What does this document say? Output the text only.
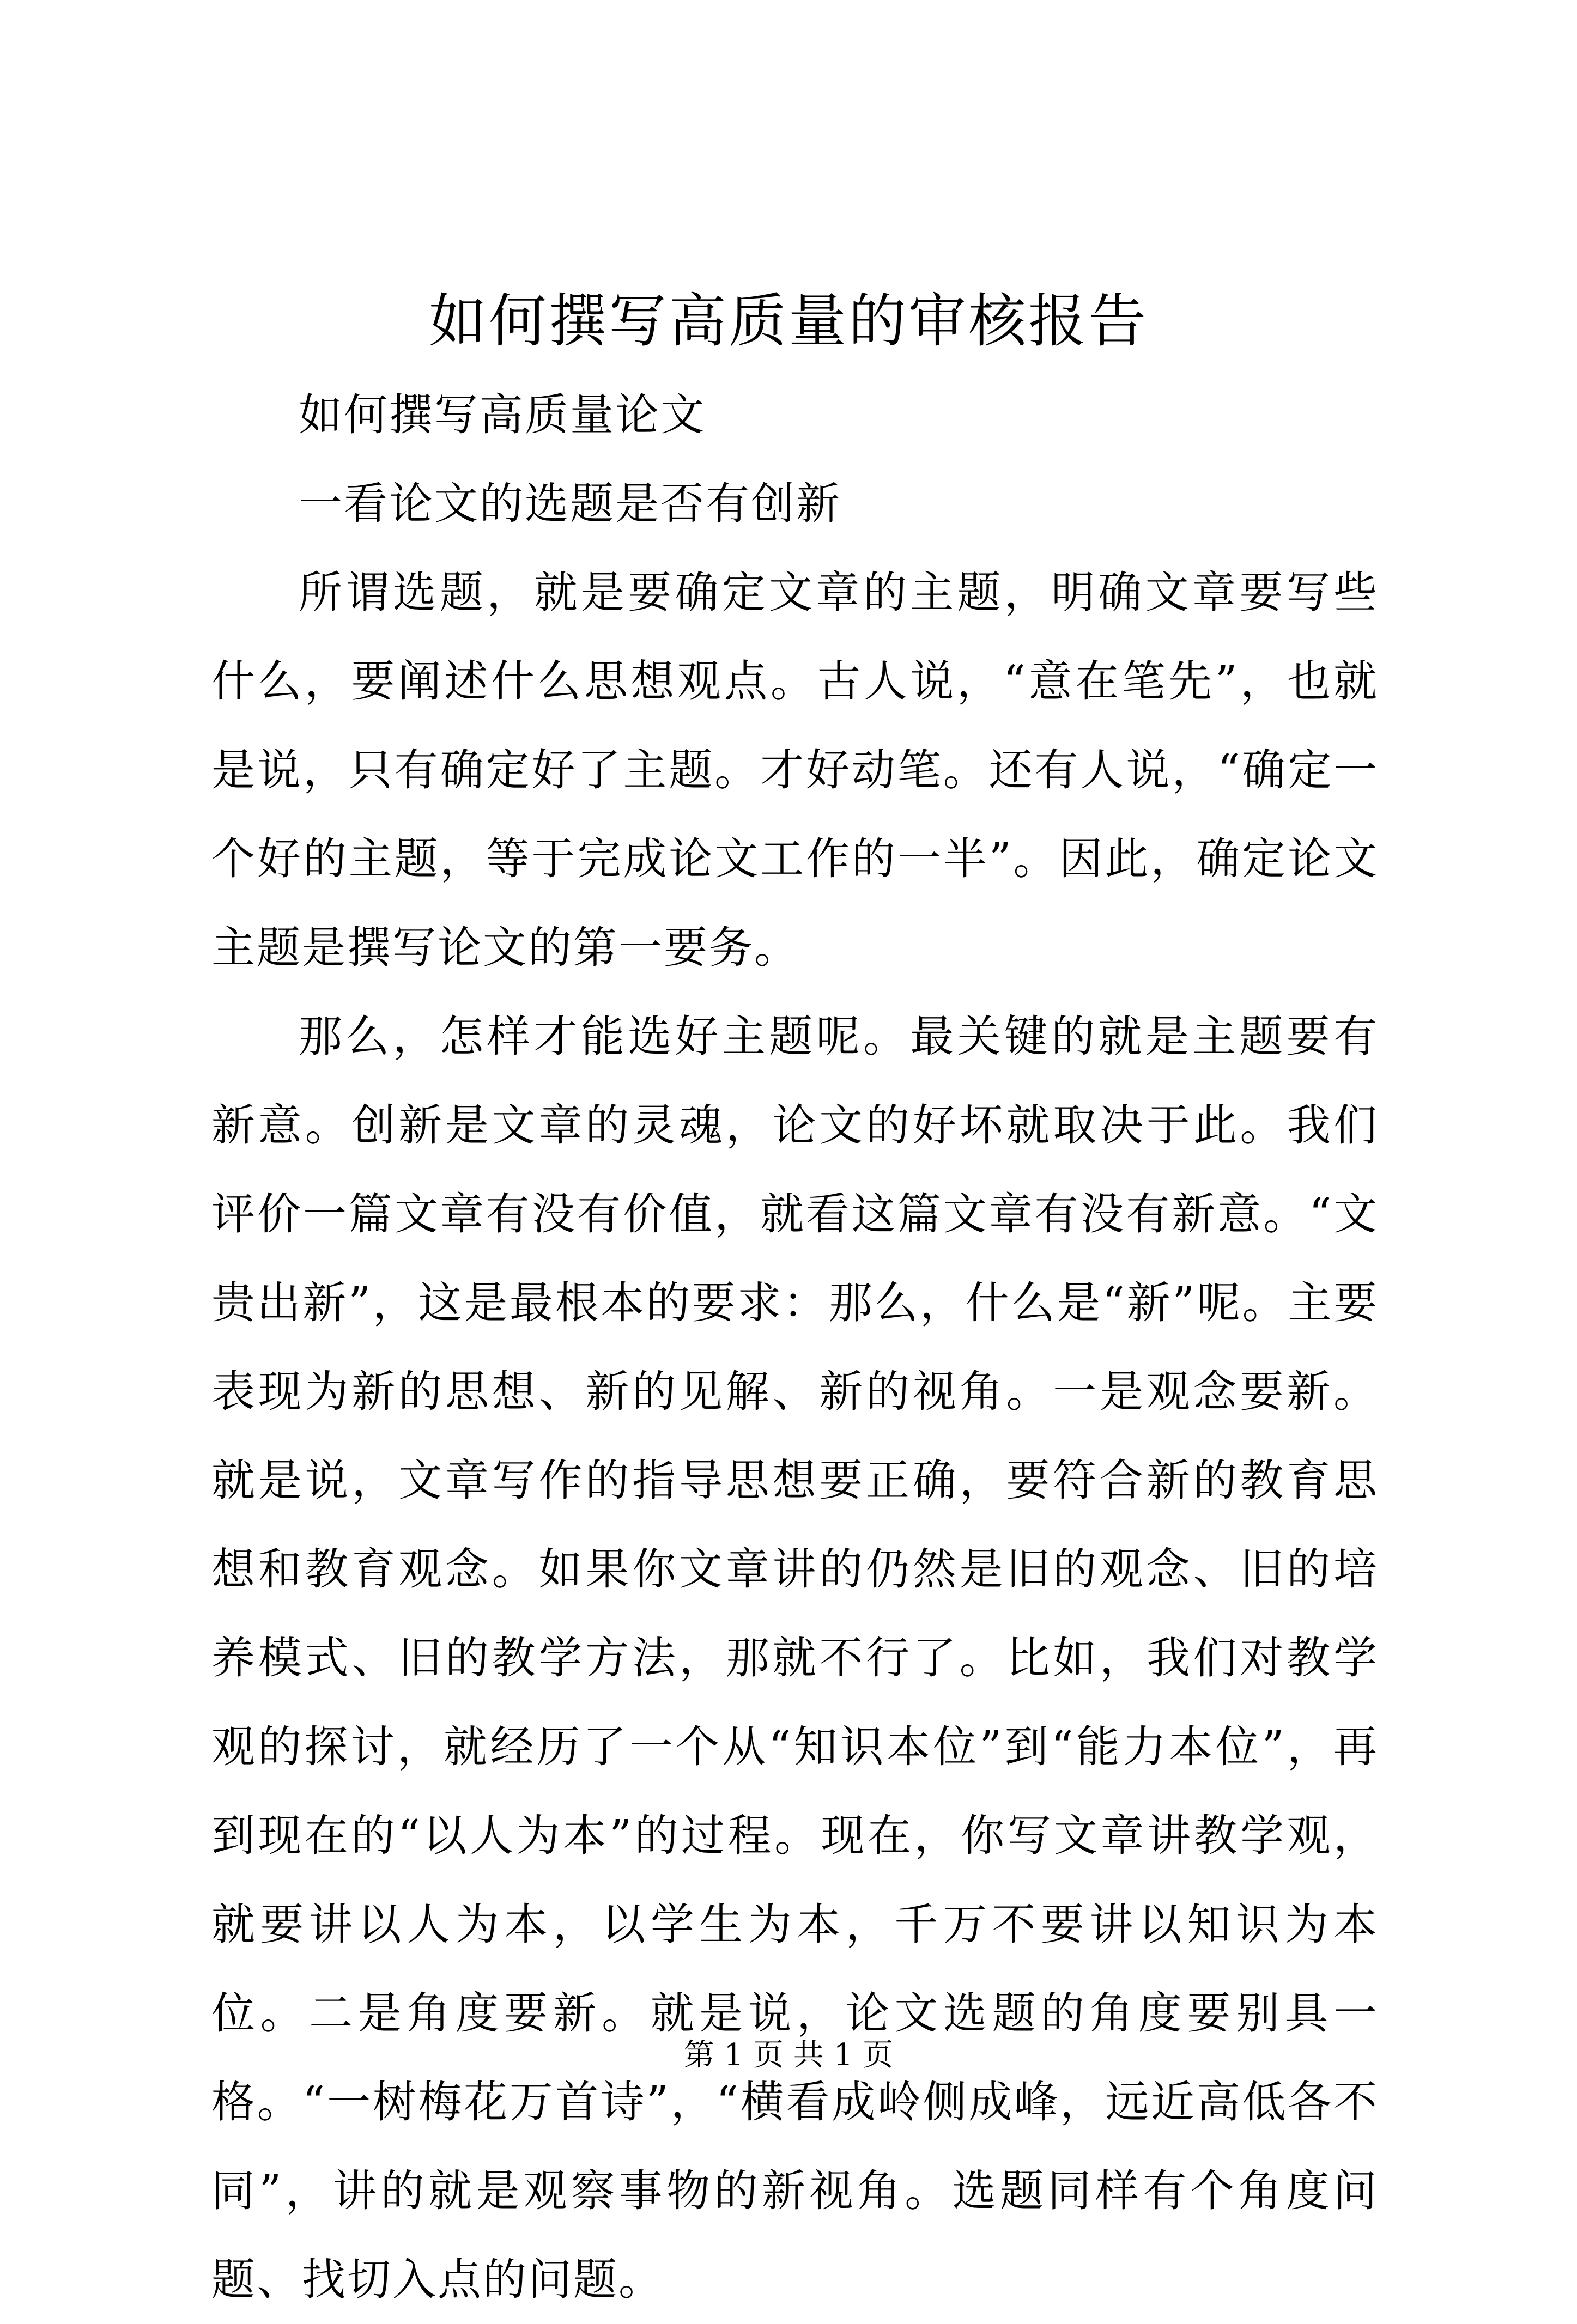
如何撰写高质量的审核报告

如何撰写高质量论文

一看论文的选题是否有创新

所谓选题，就是要确定文章的主题，明确文章要写些什么，要阐述什么思想观点。古人说，“意在笔先”，也就是说，只有确定好了主题。才好动笔。还有人说，“确定一个好的主题，等于完成论文工作的一半”。因此，确定论文主题是撰写论文的第一要务。

那么，怎样才能选好主题呢。最关键的就是主题要有新意。创新是文章的灵魂，论文的好坏就取决于此。我们评价一篇文章有没有价值，就看这篇文章有没有新意。“文贵出新”，这是最根本的要求：那么，什么是“新”呢。主要表现为新的思想、新的见解、新的视角。一是观念要新。就是说，文章写作的指导思想要正确，要符合新的教育思想和教育观念。如果你文章讲的仍然是旧的观念、旧的培养模式、旧的教学方法，那就不行了。比如，我们对教学观的探讨，就经历了一个从“知识本位”到“能力本位”，再到现在的“以人为本”的过程。现在，你写文章讲教学观，就要讲以人为本，以学生为本，千万不要讲以知识为本位。二是角度要新。就是说，论文选题的角度要别具一格。“一树梅花万首诗”，“横看成岭侧成峰，远近高低各不同”，讲的就是观察事物的新视角。选题同样有个角度问题、找切入点的问题。

第 1 页 共 1 页
